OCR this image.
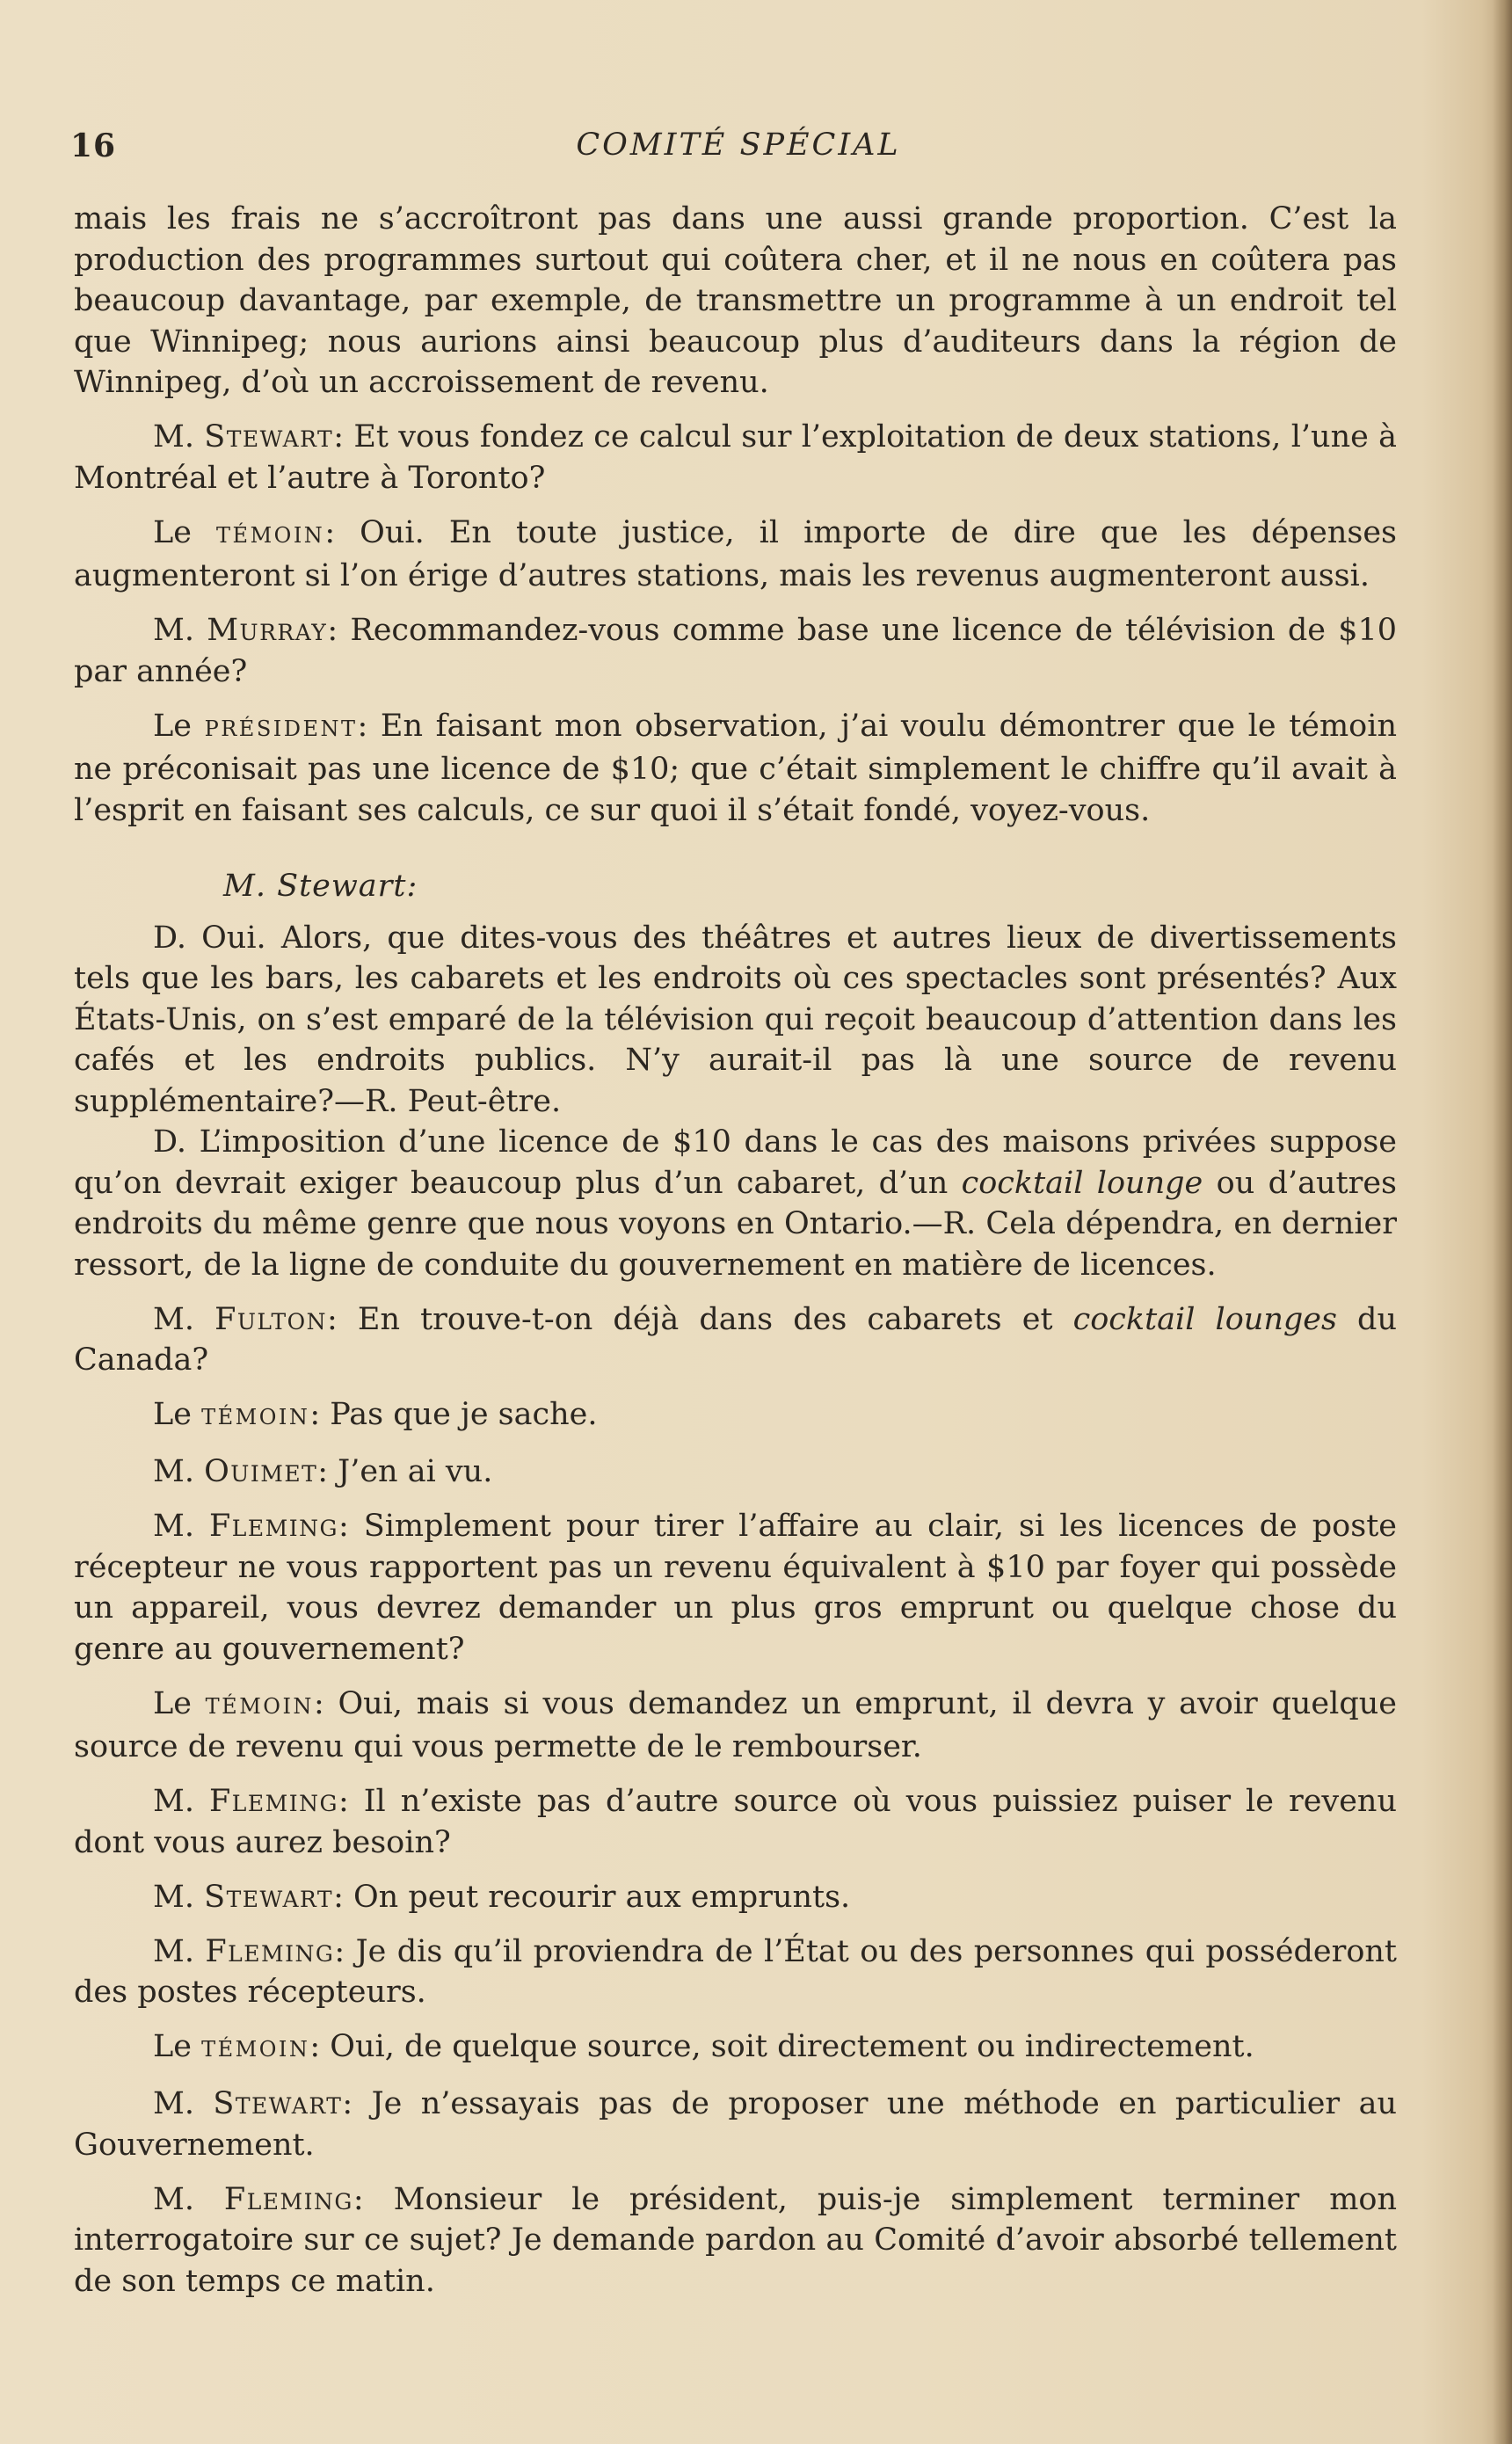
16	COMITÉ SPÉCIAL

mais les frais ne s’accroîtront pas dans une aussi grande proportion. C’est la production des programmes surtout qui coûtera cher, et il ne nous en coûtera pas beaucoup davantage, par exemple, de transmettre un programme à un endroit tel que Winnipeg; nous aurions ainsi beaucoup plus d’auditeurs dans la région de Winnipeg, d’où un accroissement de revenu.

M. Stewart: Et vous fondez ce calcul sur l’exploitation de deux stations, l’une à Montréal et l’autre à Toronto?

Le TÉMOIN: Oui. En toute justice, il importe de dire que les dépenses augmenteront si l’on érige d’autres stations, mais les revenus augmenteront aussi.

M. Murray: Recommandez-vous comme base une licence de télévision de $10 par année?

Le PRÉSIDENT: En faisant mon observation, j’ai voulu démontrer que le témoin ne préconisait pas une licence de $10; que c’était simplement le chiffre qu’il avait à l’esprit en faisant ses calculs, ce sur quoi il s’était fondé, voyez-vous.

M. Stewart:

D. Oui. Alors, que dites-vous des théâtres et autres lieux de divertissements tels que les bars, les cabarets et les endroits où ces spectacles sont présentés? Aux États-Unis, on s’est emparé de la télévision qui reçoit beaucoup d’attention dans les cafés et les endroits publics. N’y aurait-il pas là une source de revenu supplémentaire?—R. Peut-être.

D. L’imposition d’une licence de $10 dans le cas des maisons privées suppose qu’on devrait exiger beaucoup plus d’un cabaret, d’un cocktail lounge ou d’autres endroits du même genre que nous voyons en Ontario.—R. Cela dépendra, en dernier ressort, de la ligne de conduite du gouvernement en matière de licences.

M. Fulton: En trouve-t-on déjà dans des cabarets et cocktail lounges du Canada?

Le TÉMOIN: Pas que je sache.

M. Ouimet: J’en ai vu.

M. Fleming: Simplement pour tirer l’affaire au clair, si les licences de poste récepteur ne vous rapportent pas un revenu équivalent à $10 par foyer qui possède un appareil, vous devrez demander un plus gros emprunt ou quelque chose du genre au gouvernement?

Le TÉMOIN: Oui, mais si vous demandez un emprunt, il devra y avoir quelque source de revenu qui vous permette de le rembourser.

M. Fleming: Il n’existe pas d’autre source où vous puissiez puiser le revenu dont vous aurez besoin?

M. Stewart: On peut recourir aux emprunts.

M. Fleming: Je dis qu’il proviendra de l’État ou des personnes qui posséderont des postes récepteurs.

Le TÉMOIN: Oui, de quelque source, soit directement ou indirectement.

M. Stewart: Je n’essayais pas de proposer une méthode en particulier au Gouvernement.

M. Fleming: Monsieur le président, puis-je simplement terminer mon interrogatoire sur ce sujet? Je demande pardon au Comité d’avoir absorbé tellement de son temps ce matin.
